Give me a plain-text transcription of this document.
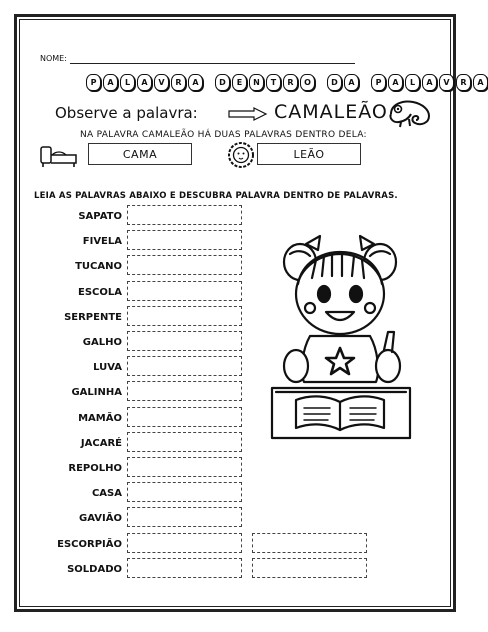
NOME:
P	A	L	A	V	R	A	D	E	N	T	R	O	D	A	P	A	L	A	V	R	A
Observe a palavra:	CAMALEÃO
NA PALAVRA CAMALEÃO HÁ DUAS PALAVRAS DENTRO DELA:
CAMA	LEÃO
LEIA AS PALAVRAS ABAIXO E DESCUBRA PALAVRA DENTRO DE PALAVRAS.
SAPATO
FIVELA
TUCANO
ESCOLA
SERPENTE
GALHO
LUVA
GALINHA
MAMÃO
JACARÉ
REPOLHO
CASA
GAVIÃO
ESCORPIÃO
SOLDADO
